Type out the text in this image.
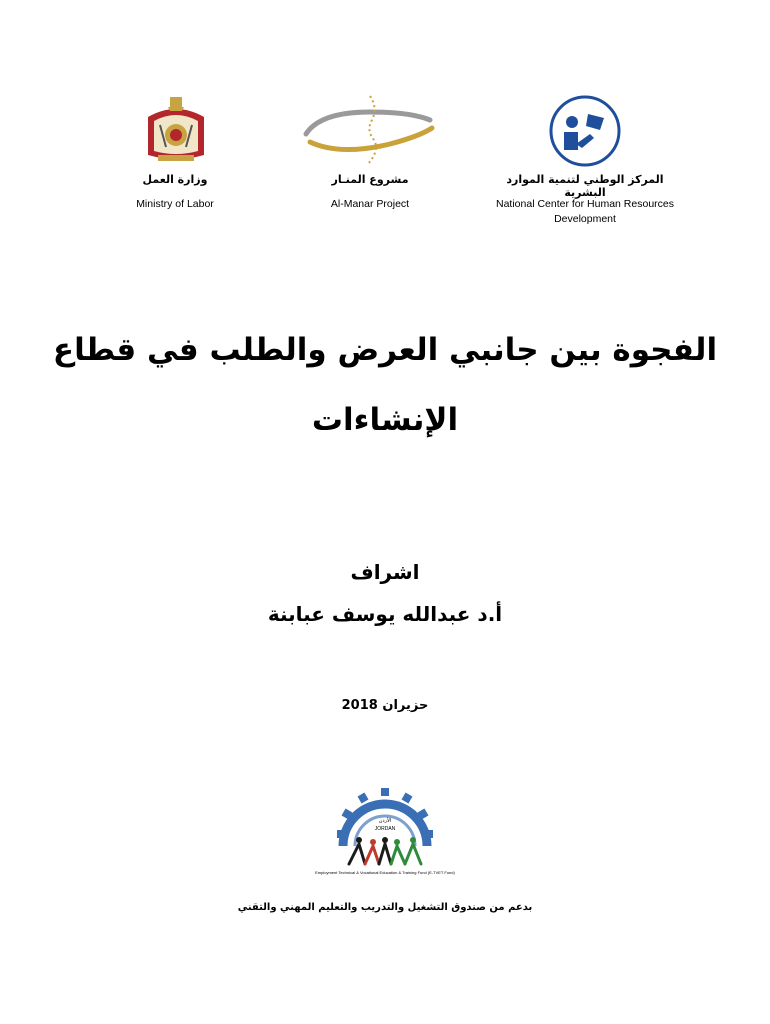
وزارة العمل
Ministry of Labor
مشروع المنـار
Al-Manar Project
المركز الوطني لتنمية الموارد البشرية
National Center for Human Resources
Development
الفجوة بين جانبي العرض والطلب في قطاع
الإنشاءات
اشراف
أ.د عبدالله يوسف عبابنة
حزيران 2018
الأردن
JORDAN
Employment Technical & Vocational Education & Training Fund (E-TVET Fund)
بدعم من صندوق التشغيل والتدريب والتعليم المهني والتقني
